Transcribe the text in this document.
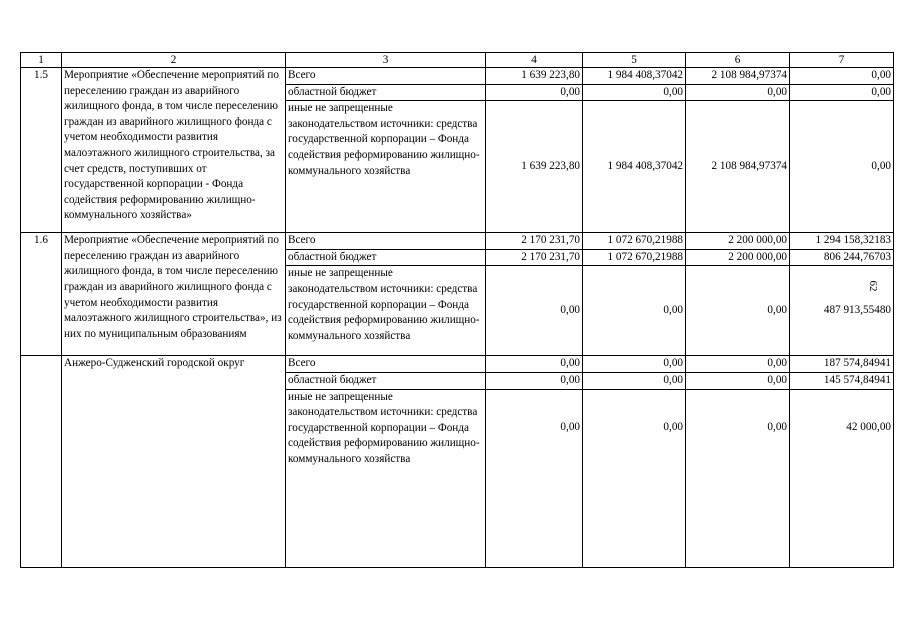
1	2	3	4	5	6	7
1.5	Мероприятие «Обеспечение мероприятий по переселению граждан из аварийного жилищного фонда, в том числе переселению граждан из аварийного жилищного фонда с учетом необходимости развития малоэтажного жилищного строительства, за счет средств, поступивших от государственной корпорации - Фонда содействия реформированию жилищно-коммунального хозяйства»	Всего	1 639 223,80	1 984 408,37042	2 108 984,97374	0,00
		областной бюджет	0,00	0,00	0,00	0,00
		иные не запрещенные законодательством источники: средства государственной корпорации – Фонда содействия реформированию жилищно-коммунального хозяйства	1 639 223,80	1 984 408,37042	2 108 984,97374	0,00
1.6	Мероприятие «Обеспечение мероприятий по переселению граждан из аварийного жилищного фонда, в том числе переселению граждан из аварийного жилищного фонда с учетом необходимости развития малоэтажного жилищного строительства», из них по муниципальным образованиям	Всего	2 170 231,70	1 072 670,21988	2 200 000,00	1 294 158,32183
		областной бюджет	2 170 231,70	1 072 670,21988	2 200 000,00	806 244,76703
		иные не запрещенные законодательством источники: средства государственной корпорации – Фонда содействия реформированию жилищно-коммунального хозяйства	0,00	0,00	0,00	487 913,55480
	Анжеро-Судженский городской округ	Всего	0,00	0,00	0,00	187 574,84941
		областной бюджет	0,00	0,00	0,00	145 574,84941
		иные не запрещенные законодательством источники: средства государственной корпорации – Фонда содействия реформированию жилищно-коммунального хозяйства	0,00	0,00	0,00	42 000,00
62
